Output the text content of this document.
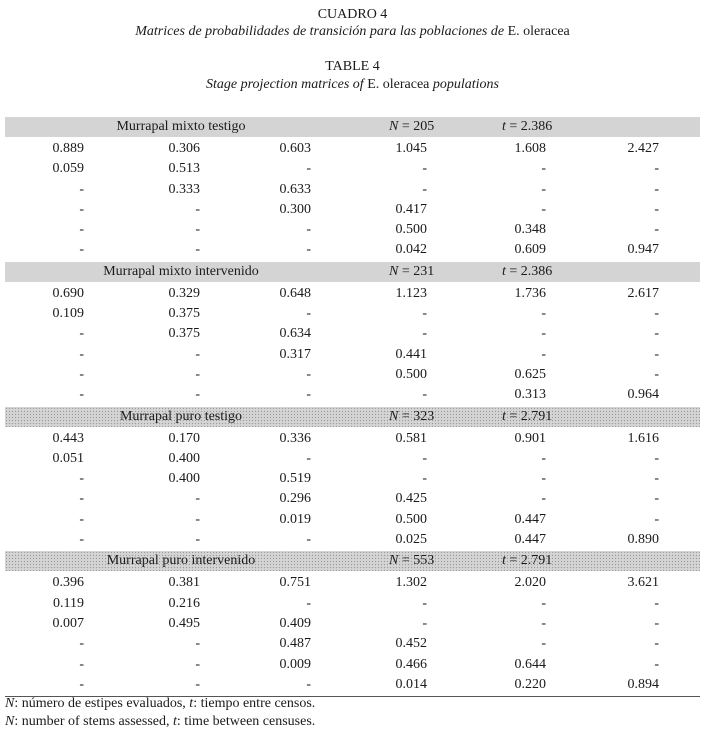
CUADRO 4
Matrices de probabilidades de transición para las poblaciones de E. oleracea
TABLE 4
Stage projection matrices of E. oleracea populations
Murrapal mixto testigo	N = 205	t = 2.386
0.889	0.306	0.603	1.045	1.608	2.427
0.059	0.513	-	-	-	-
-	0.333	0.633	-	-	-
-	-	0.300	0.417	-	-
-	-	-	0.500	0.348	-
-	-	-	0.042	0.609	0.947
Murrapal mixto intervenido	N = 231	t = 2.386
0.690	0.329	0.648	1.123	1.736	2.617
0.109	0.375	-	-	-	-
-	0.375	0.634	-	-	-
-	-	0.317	0.441	-	-
-	-	-	0.500	0.625	-
-	-	-	-	0.313	0.964
Murrapal puro testigo	N = 323	t = 2.791
0.443	0.170	0.336	0.581	0.901	1.616
0.051	0.400	-	-	-	-
-	0.400	0.519	-	-	-
-	-	0.296	0.425	-	-
-	-	0.019	0.500	0.447	-
-	-	-	0.025	0.447	0.890
Murrapal puro intervenido	N = 553	t = 2.791
0.396	0.381	0.751	1.302	2.020	3.621
0.119	0.216	-	-	-	-
0.007	0.495	0.409	-	-	-
-	-	0.487	0.452	-	-
-	-	0.009	0.466	0.644	-
-	-	-	0.014	0.220	0.894
N: número de estipes evaluados, t: tiempo entre censos.
N: number of stems assessed, t: time between censuses.
